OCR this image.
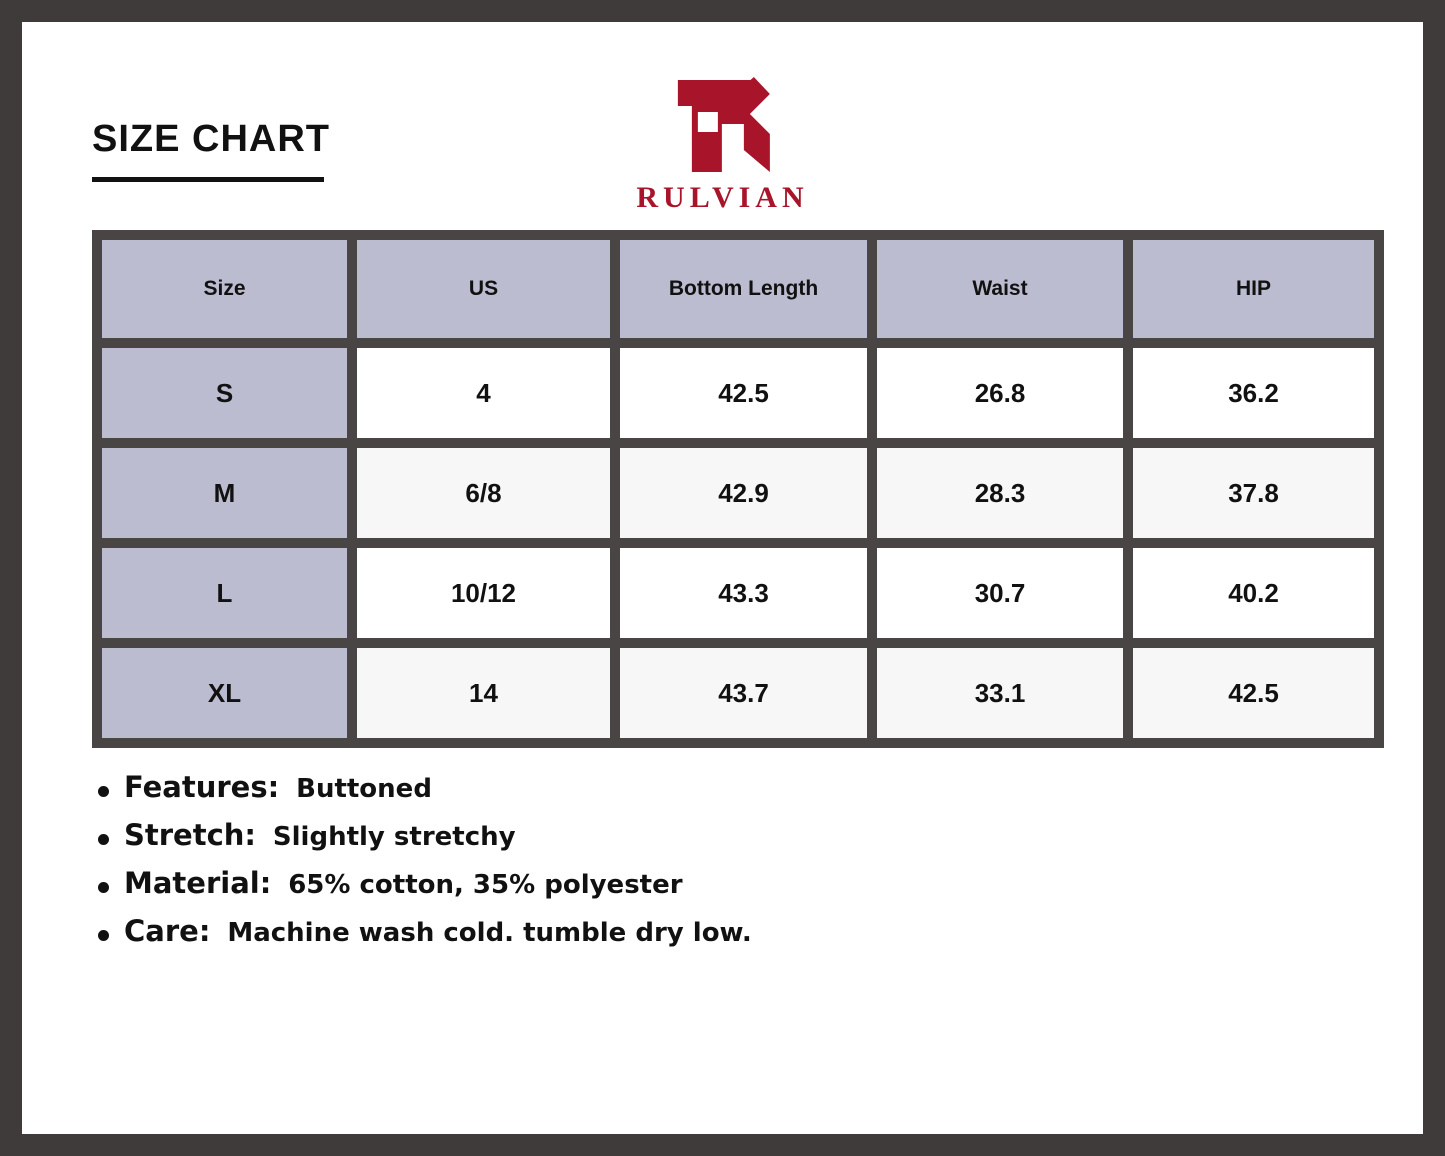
SIZE CHART
RULVIAN
Size	US	Bottom Length	Waist	HIP
S	4	42.5	26.8	36.2
M	6/8	42.9	28.3	37.8
L	10/12	43.3	30.7	40.2
XL	14	43.7	33.1	42.5
Features: Buttoned
Stretch: Slightly stretchy
Material: 65% cotton, 35% polyester
Care: Machine wash cold. tumble dry low.
